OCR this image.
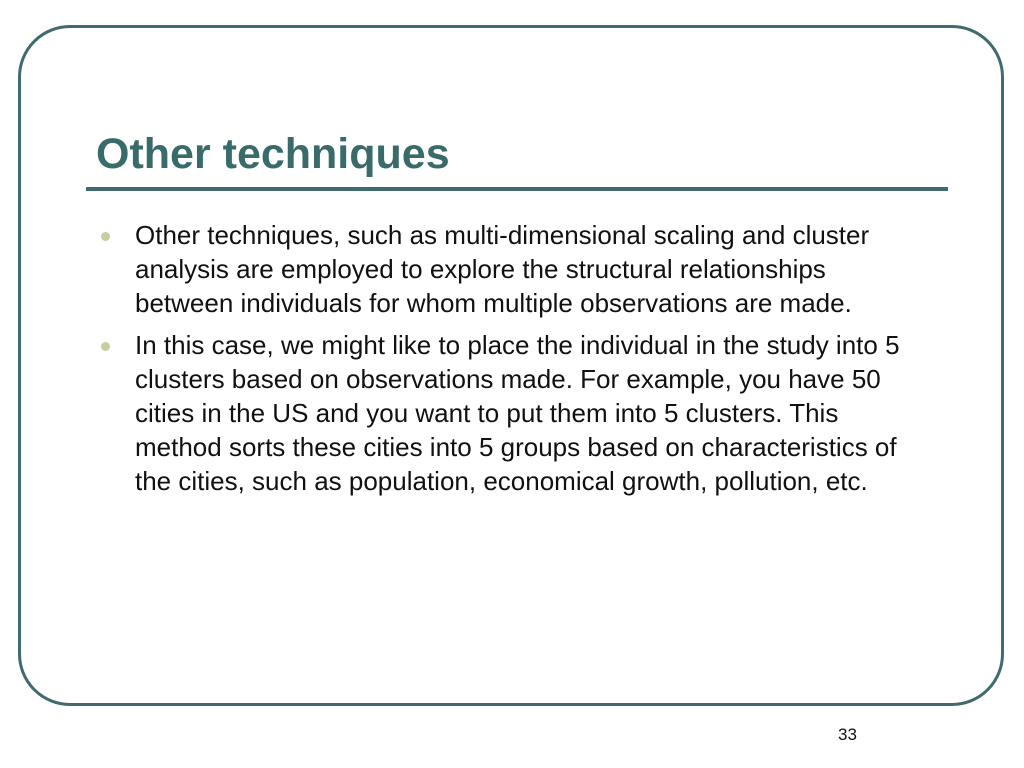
Other techniques
Other techniques, such as multi-dimensional scaling and cluster analysis are employed to explore the structural relationships between individuals for whom multiple observations are made.
In this case, we might like to place the individual in the study into 5 clusters based on observations made. For example, you have 50 cities in the US and you want to put them into 5 clusters. This method sorts these cities into 5 groups based on characteristics of the cities, such as population, economical growth, pollution, etc.
33
